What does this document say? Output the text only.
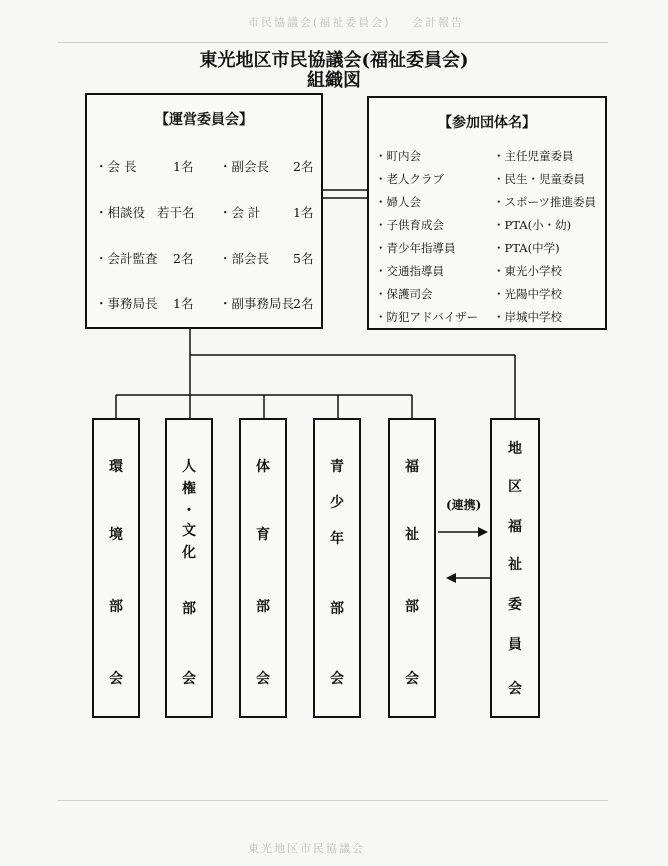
市民協議会(福祉委員会) 会計報告
東光地区市民協議会
東光地区市民協議会(福祉委員会)
組織図
【運営委員会】
・会 長	1名 ・副会長 2名
・相談役 若干名 ・会 計	1名
・会計監査 2名 ・部会長 5名
・事務局長 1名 ・副事務局長
2名
【参加団体名】
・町内会
・老人クラブ
・婦人会
・子供育成会
・青少年指導員
・交通指導員
・保護司会
・防犯アドバイザー
・主任児童委員
・民生・児童委員
・スポーツ推進委員
・PTA(小・幼)
・PTA(中学)
・東光小学校
・光陽中学校
・岸城中学校
環
境
部
会
人
権
・
文
化
部
会
体
育
部
会
青
少
年
部
会
福
祉
部
会
地
区
福
祉
委
員
会
(連携)
